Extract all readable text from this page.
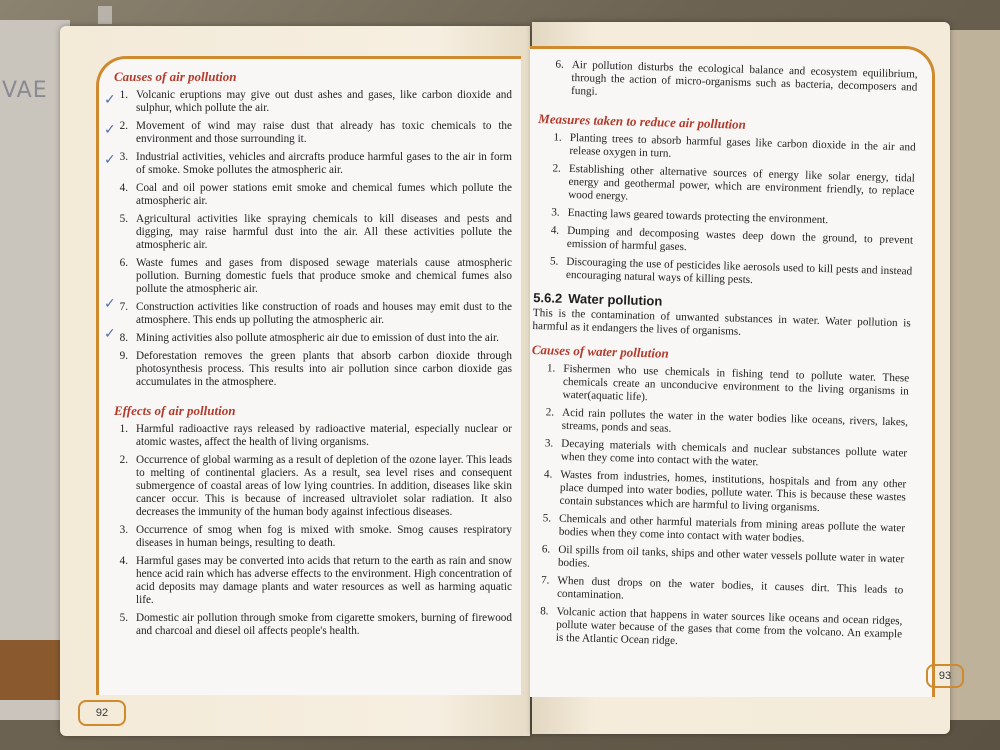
VAE
Causes of air pollution
1. Volcanic eruptions may give out dust ashes and gases, like carbon dioxide and sulphur, which pollute the air.
2. Movement of wind may raise dust that already has toxic chemicals to the environment and those surrounding it.
3. Industrial activities, vehicles and aircrafts produce harmful gases to the air in form of smoke. Smoke pollutes the atmospheric air.
4. Coal and oil power stations emit smoke and chemical fumes which pollute the atmospheric air.
5. Agricultural activities like spraying chemicals to kill diseases and pests and digging, may raise harmful dust into the air. All these activities pollute the atmospheric air.
6. Waste fumes and gases from disposed sewage materials cause atmospheric pollution. Burning domestic fuels that produce smoke and chemical fumes also pollute the atmospheric air.
7. Construction activities like construction of roads and houses may emit dust to the atmosphere. This ends up polluting the atmospheric air.
8. Mining activities also pollute atmospheric air due to emission of dust into the air.
9. Deforestation removes the green plants that absorb carbon dioxide through photosynthesis process. This results into air pollution since carbon dioxide gas accumulates in the atmosphere.
Effects of air pollution
1. Harmful radioactive rays released by radioactive material, especially nuclear or atomic wastes, affect the health of living organisms.
2. Occurrence of global warming as a result of depletion of the ozone layer. This leads to melting of continental glaciers. As a result, sea level rises and consequent submergence of coastal areas of low lying countries. In addition, diseases like skin cancer occur. This is because of increased ultraviolet solar radiation. It also decreases the immunity of the human body against infectious diseases.
3. Occurrence of smog when fog is mixed with smoke. Smog causes respiratory diseases in human beings, resulting to death.
4. Harmful gases may be converted into acids that return to the earth as rain and snow hence acid rain which has adverse effects to the environment. High concentration of acid deposits may damage plants and water resources as well as harming aquatic life.
5. Domestic air pollution through smoke from cigarette smokers, burning of firewood and charcoal and diesel oil affects people's health.
6. Air pollution disturbs the ecological balance and ecosystem equilibrium, through the action of micro-organisms such as bacteria, decomposers and fungi.
Measures taken to reduce air pollution
1. Planting trees to absorb harmful gases like carbon dioxide in the air and release oxygen in turn.
2. Establishing other alternative sources of energy like solar energy, tidal energy and geothermal power, which are environment friendly, to replace wood energy.
3. Enacting laws geared towards protecting the environment.
4. Dumping and decomposing wastes deep down the ground, to prevent emission of harmful gases.
5. Discouraging the use of pesticides like aerosols used to kill pests and instead encouraging natural ways of killing pests.
5.6.2 Water pollution
This is the contamination of unwanted substances in water. Water pollution is harmful as it endangers the lives of organisms.
Causes of water pollution
1. Fishermen who use chemicals in fishing tend to pollute water. These chemicals create an unconducive environment to the living organisms in water(aquatic life).
2. Acid rain pollutes the water in the water bodies like oceans, rivers, lakes, streams, ponds and seas.
3. Decaying materials with chemicals and nuclear substances pollute water when they come into contact with the water.
4. Wastes from industries, homes, institutions, hospitals and from any other place dumped into water bodies, pollute water. This is because these wastes contain substances which are harmful to living organisms.
5. Chemicals and other harmful materials from mining areas pollute the water bodies when they come into contact with water bodies.
6. Oil spills from oil tanks, ships and other water vessels pollute water in water bodies.
7. When dust drops on the water bodies, it causes dirt. This leads to contamination.
8. Volcanic action that happens in water sources like oceans and ocean ridges, pollute water because of the gases that come from the volcano. An example is the Atlantic Ocean ridge.
92
93
✓
✓
✓
✓
✓
